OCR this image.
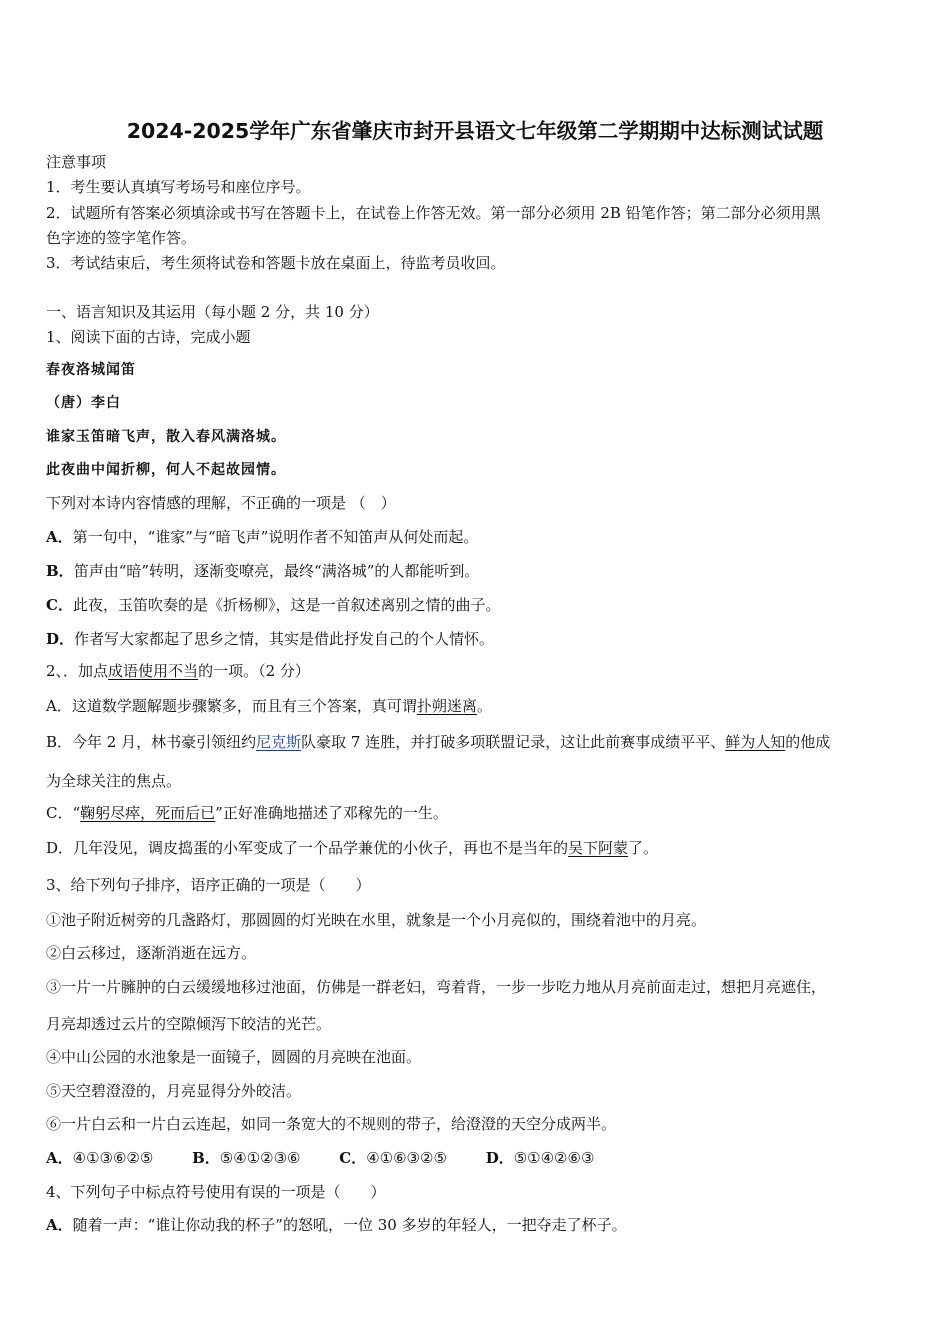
2024-2025学年广东省肇庆市封开县语文七年级第二学期期中达标测试试题
注意事项
1．考生要认真填写考场号和座位序号。
2．试题所有答案必须填涂或书写在答题卡上，在试卷上作答无效。第一部分必须用 2B 铅笔作答；第二部分必须用黑
色字迹的签字笔作答。
3．考试结束后，考生须将试卷和答题卡放在桌面上，待监考员收回。
一、语言知识及其运用（每小题 2 分，共 10 分）
1、阅读下面的古诗，完成小题
春夜洛城闻笛
（唐）李白
谁家玉笛暗飞声，散入春风满洛城。
此夜曲中闻折柳，何人不起故园情。
下列对本诗内容情感的理解，不正确的一项是 （　）
A．第一句中，“谁家”与“暗飞声”说明作者不知笛声从何处而起。
B．笛声由“暗”转明，逐渐变嘹亮，最终“满洛城”的人都能听到。
C．此夜，玉笛吹奏的是《折杨柳》，这是一首叙述离别之情的曲子。
D．作者写大家都起了思乡之情，其实是借此抒发自己的个人情怀。
2、．加点成语使用不当的一项。（2 分）
A．这道数学题解题步骤繁多，而且有三个答案，真可谓扑朔迷离。
B．今年 2 月，林书豪引领纽约尼克斯队豪取 7 连胜，并打破多项联盟记录，这让此前赛事成绩平平、鲜为人知的他成
为全球关注的焦点。
C．“鞠躬尽瘁，死而后已”正好准确地描述了邓稼先的一生。
D．几年没见，调皮捣蛋的小军变成了一个品学兼优的小伙子，再也不是当年的吴下阿蒙了。
3、给下列句子排序，语序正确的一项是（　　）
①池子附近树旁的几盏路灯，那圆圆的灯光映在水里，就象是一个小月亮似的，围绕着池中的月亮。
②白云移过，逐渐消逝在远方。
③一片一片臃肿的白云缓缓地移过池面，仿佛是一群老妇，弯着背，一步一步吃力地从月亮前面走过，想把月亮遮住，
月亮却透过云片的空隙倾泻下皎洁的光芒。
④中山公园的水池象是一面镜子，圆圆的月亮映在池面。
⑤天空碧澄澄的，月亮显得分外皎洁。
⑥一片白云和一片白云连起，如同一条宽大的不规则的带子，给澄澄的天空分成两半。
A．④①③⑥②⑤	B．⑤④①②③⑥	C．④①⑥③②⑤	D．⑤①④②⑥③
4、下列句子中标点符号使用有误的一项是（　　）
A．随着一声：“谁让你动我的杯子”的怒吼，一位 30 多岁的年轻人，一把夺走了杯子。
